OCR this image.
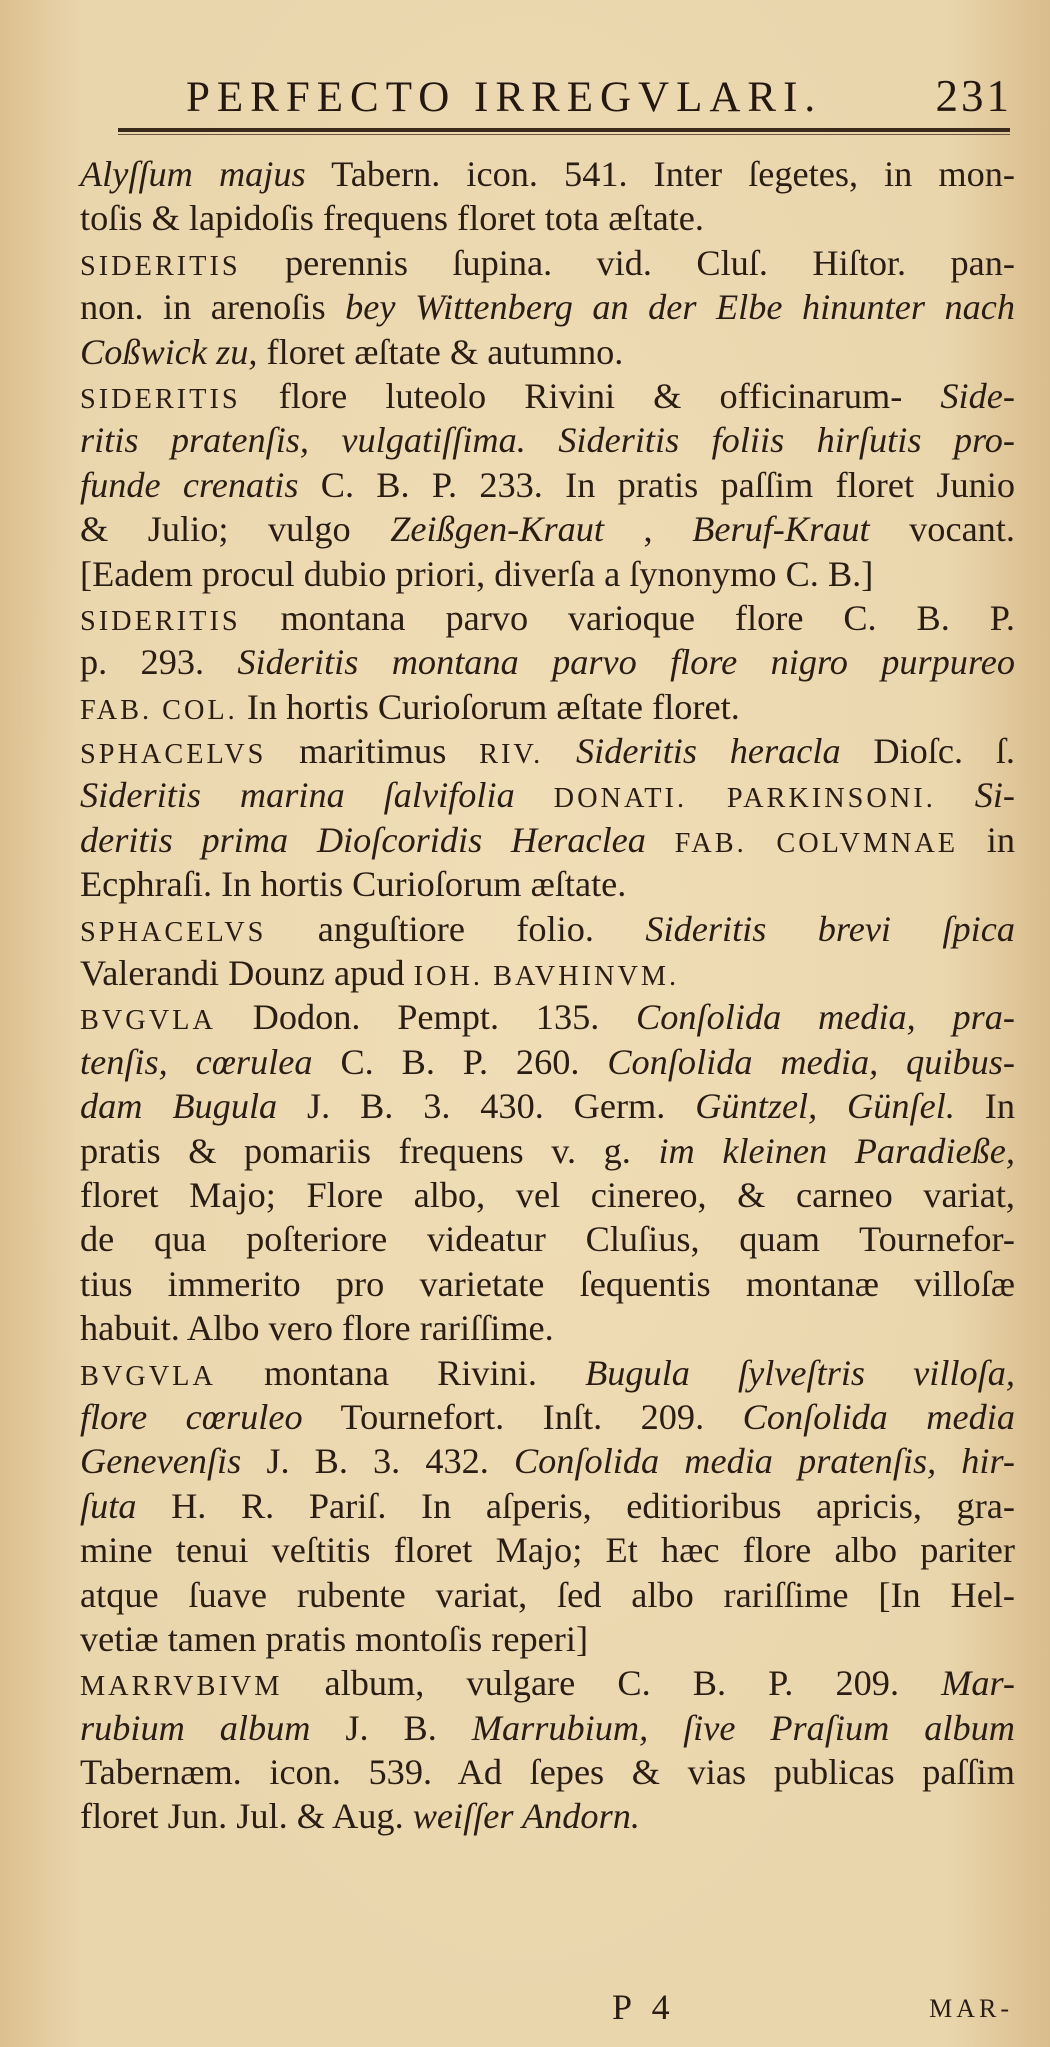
PERFECTO IRREGVLARI.	231
Alyſſum majus Tabern. icon. 541. Inter ſegetes, in mon-
toſis & lapidoſis frequens floret tota æſtate.
SIDERITIS perennis ſupina. vid. Cluſ. Hiſtor. pan-
non. in arenoſis bey Wittenberg an der Elbe hinunter nach
Coßwick zu, floret æſtate & autumno.
SIDERITIS flore luteolo Rivini & officinarum- Side-
ritis pratenſis, vulgatiſſima. Sideritis foliis hirſutis pro-
funde crenatis C. B. P. 233. In pratis paſſim floret Junio
& Julio; vulgo Zeißgen-Kraut , Beruf-Kraut vocant.
[Eadem procul dubio priori, diverſa a ſynonymo C. B.]
SIDERITIS montana parvo varioque flore C. B. P.
p. 293. Sideritis montana parvo flore nigro purpureo
FAB. COL. In hortis Curioſorum æſtate floret.
SPHACELVS maritimus RIV. Sideritis heracla Dioſc. ſ.
Sideritis marina ſalvifolia DONATI. PARKINSONI. Si-
deritis prima Dioſcoridis Heraclea FAB. COLVMNAE in
Ecphraſi. In hortis Curioſorum æſtate.
SPHACELVS anguſtiore folio. Sideritis brevi ſpica
Valerandi Dounz apud IOH. BAVHINVM.
BVGVLA Dodon. Pempt. 135. Conſolida media, pra-
tenſis, cœrulea C. B. P. 260. Conſolida media, quibus-
dam Bugula J. B. 3. 430. Germ. Güntzel, Günſel. In
pratis & pomariis frequens v. g. im kleinen Paradieße,
floret Majo; Flore albo, vel cinereo, & carneo variat,
de qua poſteriore videatur Cluſius, quam Tournefor-
tius immerito pro varietate ſequentis montanæ villoſæ
habuit. Albo vero flore rariſſime.
BVGVLA montana Rivini. Bugula ſylveſtris villoſa,
flore cœruleo Tournefort. Inſt. 209. Conſolida media
Genevenſis J. B. 3. 432. Conſolida media pratenſis, hir-
ſuta H. R. Pariſ. In aſperis, editioribus apricis, gra-
mine tenui veſtitis floret Majo; Et hæc flore albo pariter
atque ſuave rubente variat, ſed albo rariſſime [In Hel-
vetiæ tamen pratis montoſis reperi]
MARRVBIVM album, vulgare C. B. P. 209. Mar-
rubium album J. B. Marrubium, ſive Praſium album
Tabernæm. icon. 539. Ad ſepes & vias publicas paſſim
floret Jun. Jul. & Aug. weiſſer Andorn.
P 4	MAR-
